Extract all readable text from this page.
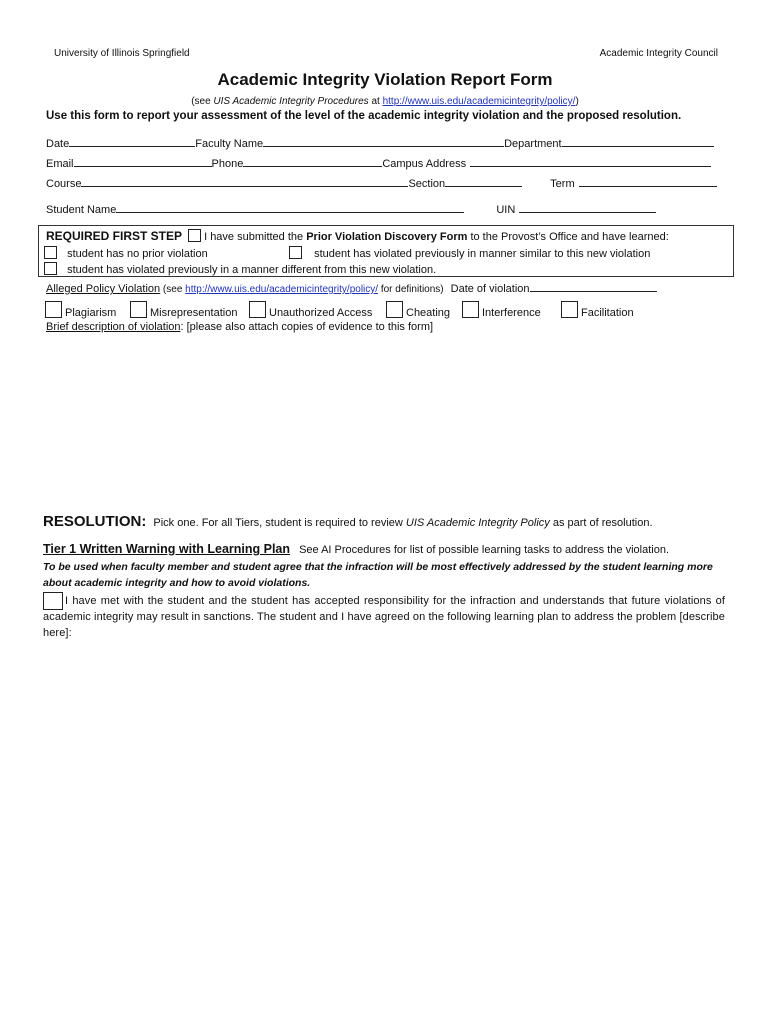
University of Illinois Springfield	Academic Integrity Council
Academic Integrity Violation Report Form
(see UIS Academic Integrity Procedures at http://www.uis.edu/academicintegrity/policy/)
Use this form to report your assessment of the level of the academic integrity violation and the proposed resolution.
Date	Faculty Name	Department
Email	Phone	Campus Address
Course	Section	Term
Student Name	UIN
REQUIRED FIRST STEP I have submitted the Prior Violation Discovery Form to the Provost’s Office and have learned:
student has no prior violation	student has violated previously in manner similar to this new violation
student has violated previously in a manner different from this new violation.
Alleged Policy Violation (see http://www.uis.edu/academicintegrity/policy/ for definitions) Date of violation
Plagiarism	Misrepresentation	Unauthorized Access	Cheating	Interference	Facilitation
Brief description of violation: [please also attach copies of evidence to this form]
RESOLUTION: Pick one. For all Tiers, student is required to review UIS Academic Integrity Policy as part of resolution.
Tier 1 Written Warning with Learning Plan See AI Procedures for list of possible learning tasks to address the violation.
To be used when faculty member and student agree that the infraction will be most effectively addressed by the student learning more about academic integrity and how to avoid violations.
I have met with the student and the student has accepted responsibility for the infraction and understands that future violations of academic integrity may result in sanctions. The student and I have agreed on the following learning plan to address the problem [describe here]:
